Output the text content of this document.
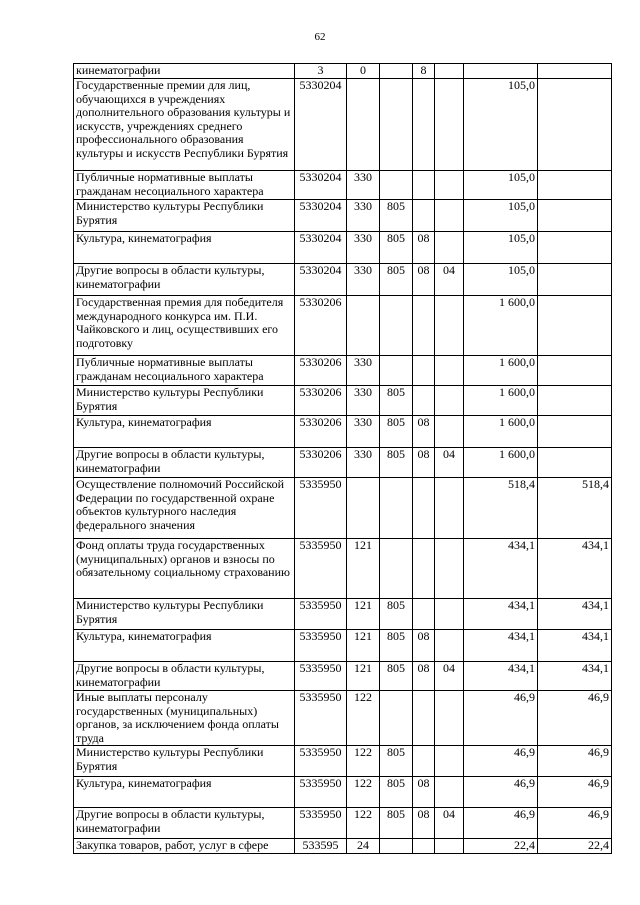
62
кинематографии	3	0		8			
Государственные премии для лиц, обучающихся в учреждениях дополнительного образования культуры и искусств, учреждениях среднего профессионального образования культуры и искусств Республики Бурятия	5330204					105,0	
Публичные нормативные выплаты гражданам несоциального характера	5330204	330				105,0	
Министерство культуры Республики Бурятия	5330204	330	805			105,0	
Культура, кинематография	5330204	330	805	08		105,0	
Другие вопросы в области культуры, кинематографии	5330204	330	805	08	04	105,0	
Государственная премия для победителя международного конкурса им. П.И. Чайковского и лиц, осуществивших его подготовку	5330206					1 600,0	
Публичные нормативные выплаты гражданам несоциального характера	5330206	330				1 600,0	
Министерство культуры Республики Бурятия	5330206	330	805			1 600,0	
Культура, кинематография	5330206	330	805	08		1 600,0	
Другие вопросы в области культуры, кинематографии	5330206	330	805	08	04	1 600,0	
Осуществление полномочий Российской Федерации по государственной охране объектов культурного наследия федерального значения	5335950					518,4	518,4
Фонд оплаты труда государственных (муниципальных) органов и взносы по обязательному социальному страхованию	5335950	121				434,1	434,1
Министерство культуры Республики Бурятия	5335950	121	805			434,1	434,1
Культура, кинематография	5335950	121	805	08		434,1	434,1
Другие вопросы в области культуры, кинематографии	5335950	121	805	08	04	434,1	434,1
Иные выплаты персоналу государственных (муниципальных) органов, за исключением фонда оплаты труда	5335950	122				46,9	46,9
Министерство культуры Республики Бурятия	5335950	122	805			46,9	46,9
Культура, кинематография	5335950	122	805	08		46,9	46,9
Другие вопросы в области культуры, кинематографии	5335950	122	805	08	04	46,9	46,9
Закупка товаров, работ, услуг в сфере	533595	24				22,4	22,4
